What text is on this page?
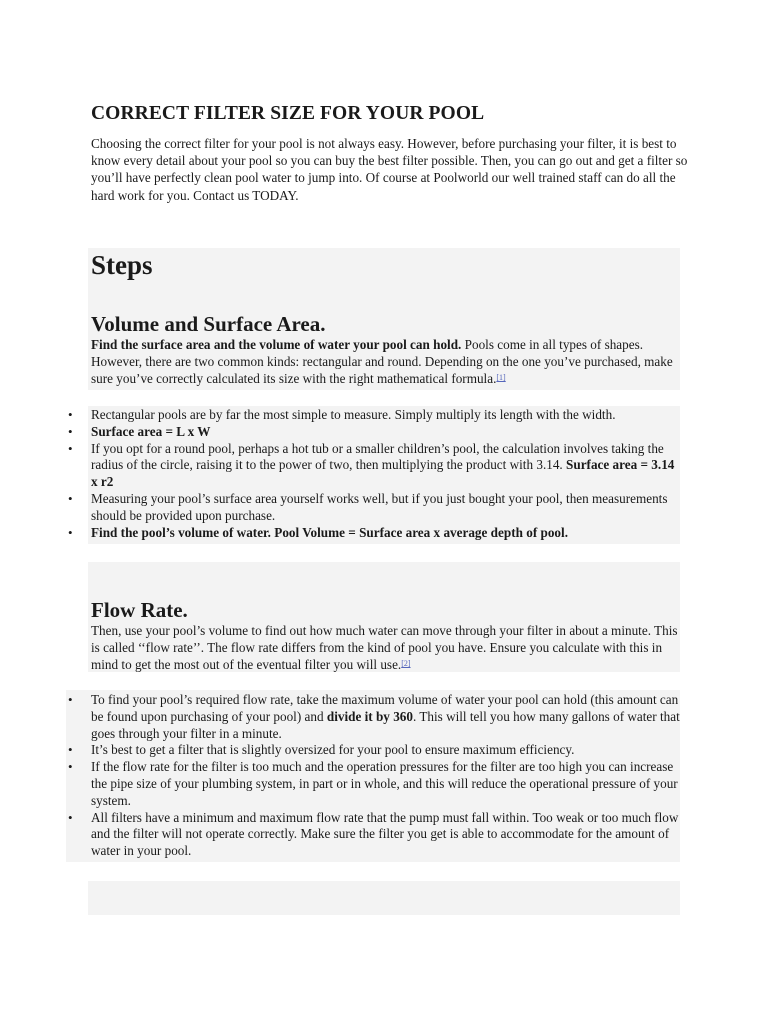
CORRECT FILTER SIZE FOR YOUR POOL
Choosing the correct filter for your pool is not always easy. However, before purchasing your filter, it is best to know every detail about your pool so you can buy the best filter possible. Then, you can go out and get a filter so you’ll have perfectly clean pool water to jump into. Of course at Poolworld our well trained staff can do all the hard work for you. Contact us TODAY.
Steps
Volume and Surface Area.
Find the surface area and the volume of water your pool can hold. Pools come in all types of shapes. However, there are two common kinds: rectangular and round. Depending on the one you’ve purchased, make sure you’ve correctly calculated its size with the right mathematical formula.[1]
• Rectangular pools are by far the most simple to measure. Simply multiply its length with the width.
• Surface area = L x W
• If you opt for a round pool, perhaps a hot tub or a smaller children’s pool, the calculation involves taking the radius of the circle, raising it to the power of two, then multiplying the product with 3.14. Surface area = 3.14 x r2
• Measuring your pool’s surface area yourself works well, but if you just bought your pool, then measurements should be provided upon purchase.
• Find the pool’s volume of water. Pool Volume = Surface area x average depth of pool.
Flow Rate.
Then, use your pool’s volume to find out how much water can move through your filter in about a minute. This is called ‘‘flow rate’’. The flow rate differs from the kind of pool you have. Ensure you calculate with this in mind to get the most out of the eventual filter you will use.[2]
• To find your pool’s required flow rate, take the maximum volume of water your pool can hold (this amount can be found upon purchasing of your pool) and divide it by 360. This will tell you how many gallons of water that goes through your filter in a minute.
• It’s best to get a filter that is slightly oversized for your pool to ensure maximum efficiency.
• If the flow rate for the filter is too much and the operation pressures for the filter are too high you can increase the pipe size of your plumbing system, in part or in whole, and this will reduce the operational pressure of your system.
• All filters have a minimum and maximum flow rate that the pump must fall within. Too weak or too much flow and the filter will not operate correctly. Make sure the filter you get is able to accommodate for the amount of water in your pool.
